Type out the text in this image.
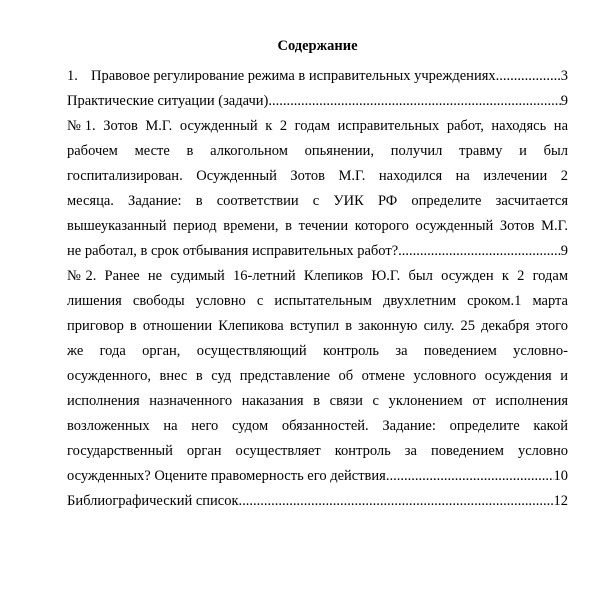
Содержание
1. Правовое регулирование режима в исправительных учреждениях .....	3
Практические ситуации (задачи) .....	9
№1. Зотов М.Г. осужденный к 2 годам исправительных работ, находясь на
рабочем месте в алкогольном опьянении, получил травму и был
госпитализирован. Осужденный Зотов М.Г. находился на излечении 2
месяца. Задание: в соответствии с УИК РФ определите засчитается
вышеуказанный период времени, в течении которого осужденный Зотов М.Г.
не работал, в срок отбывания исправительных работ? .....	9
№2. Ранее не судимый 16-летний Клепиков Ю.Г. был осужден к 2 годам
лишения свободы условно с испытательным двухлетним сроком.1 марта
приговор в отношении Клепикова вступил в законную силу. 25 декабря этого
же года орган, осуществляющий контроль за поведением условно-
осужденного, внес в суд представление об отмене условного осуждения и
исполнения назначенного наказания в связи с уклонением от исполнения
возложенных на него судом обязанностей. Задание: определите какой
государственный орган осуществляет контроль за поведением условно
осужденных? Оцените правомерность его действия. .....	10
Библиографический список. .....	12
